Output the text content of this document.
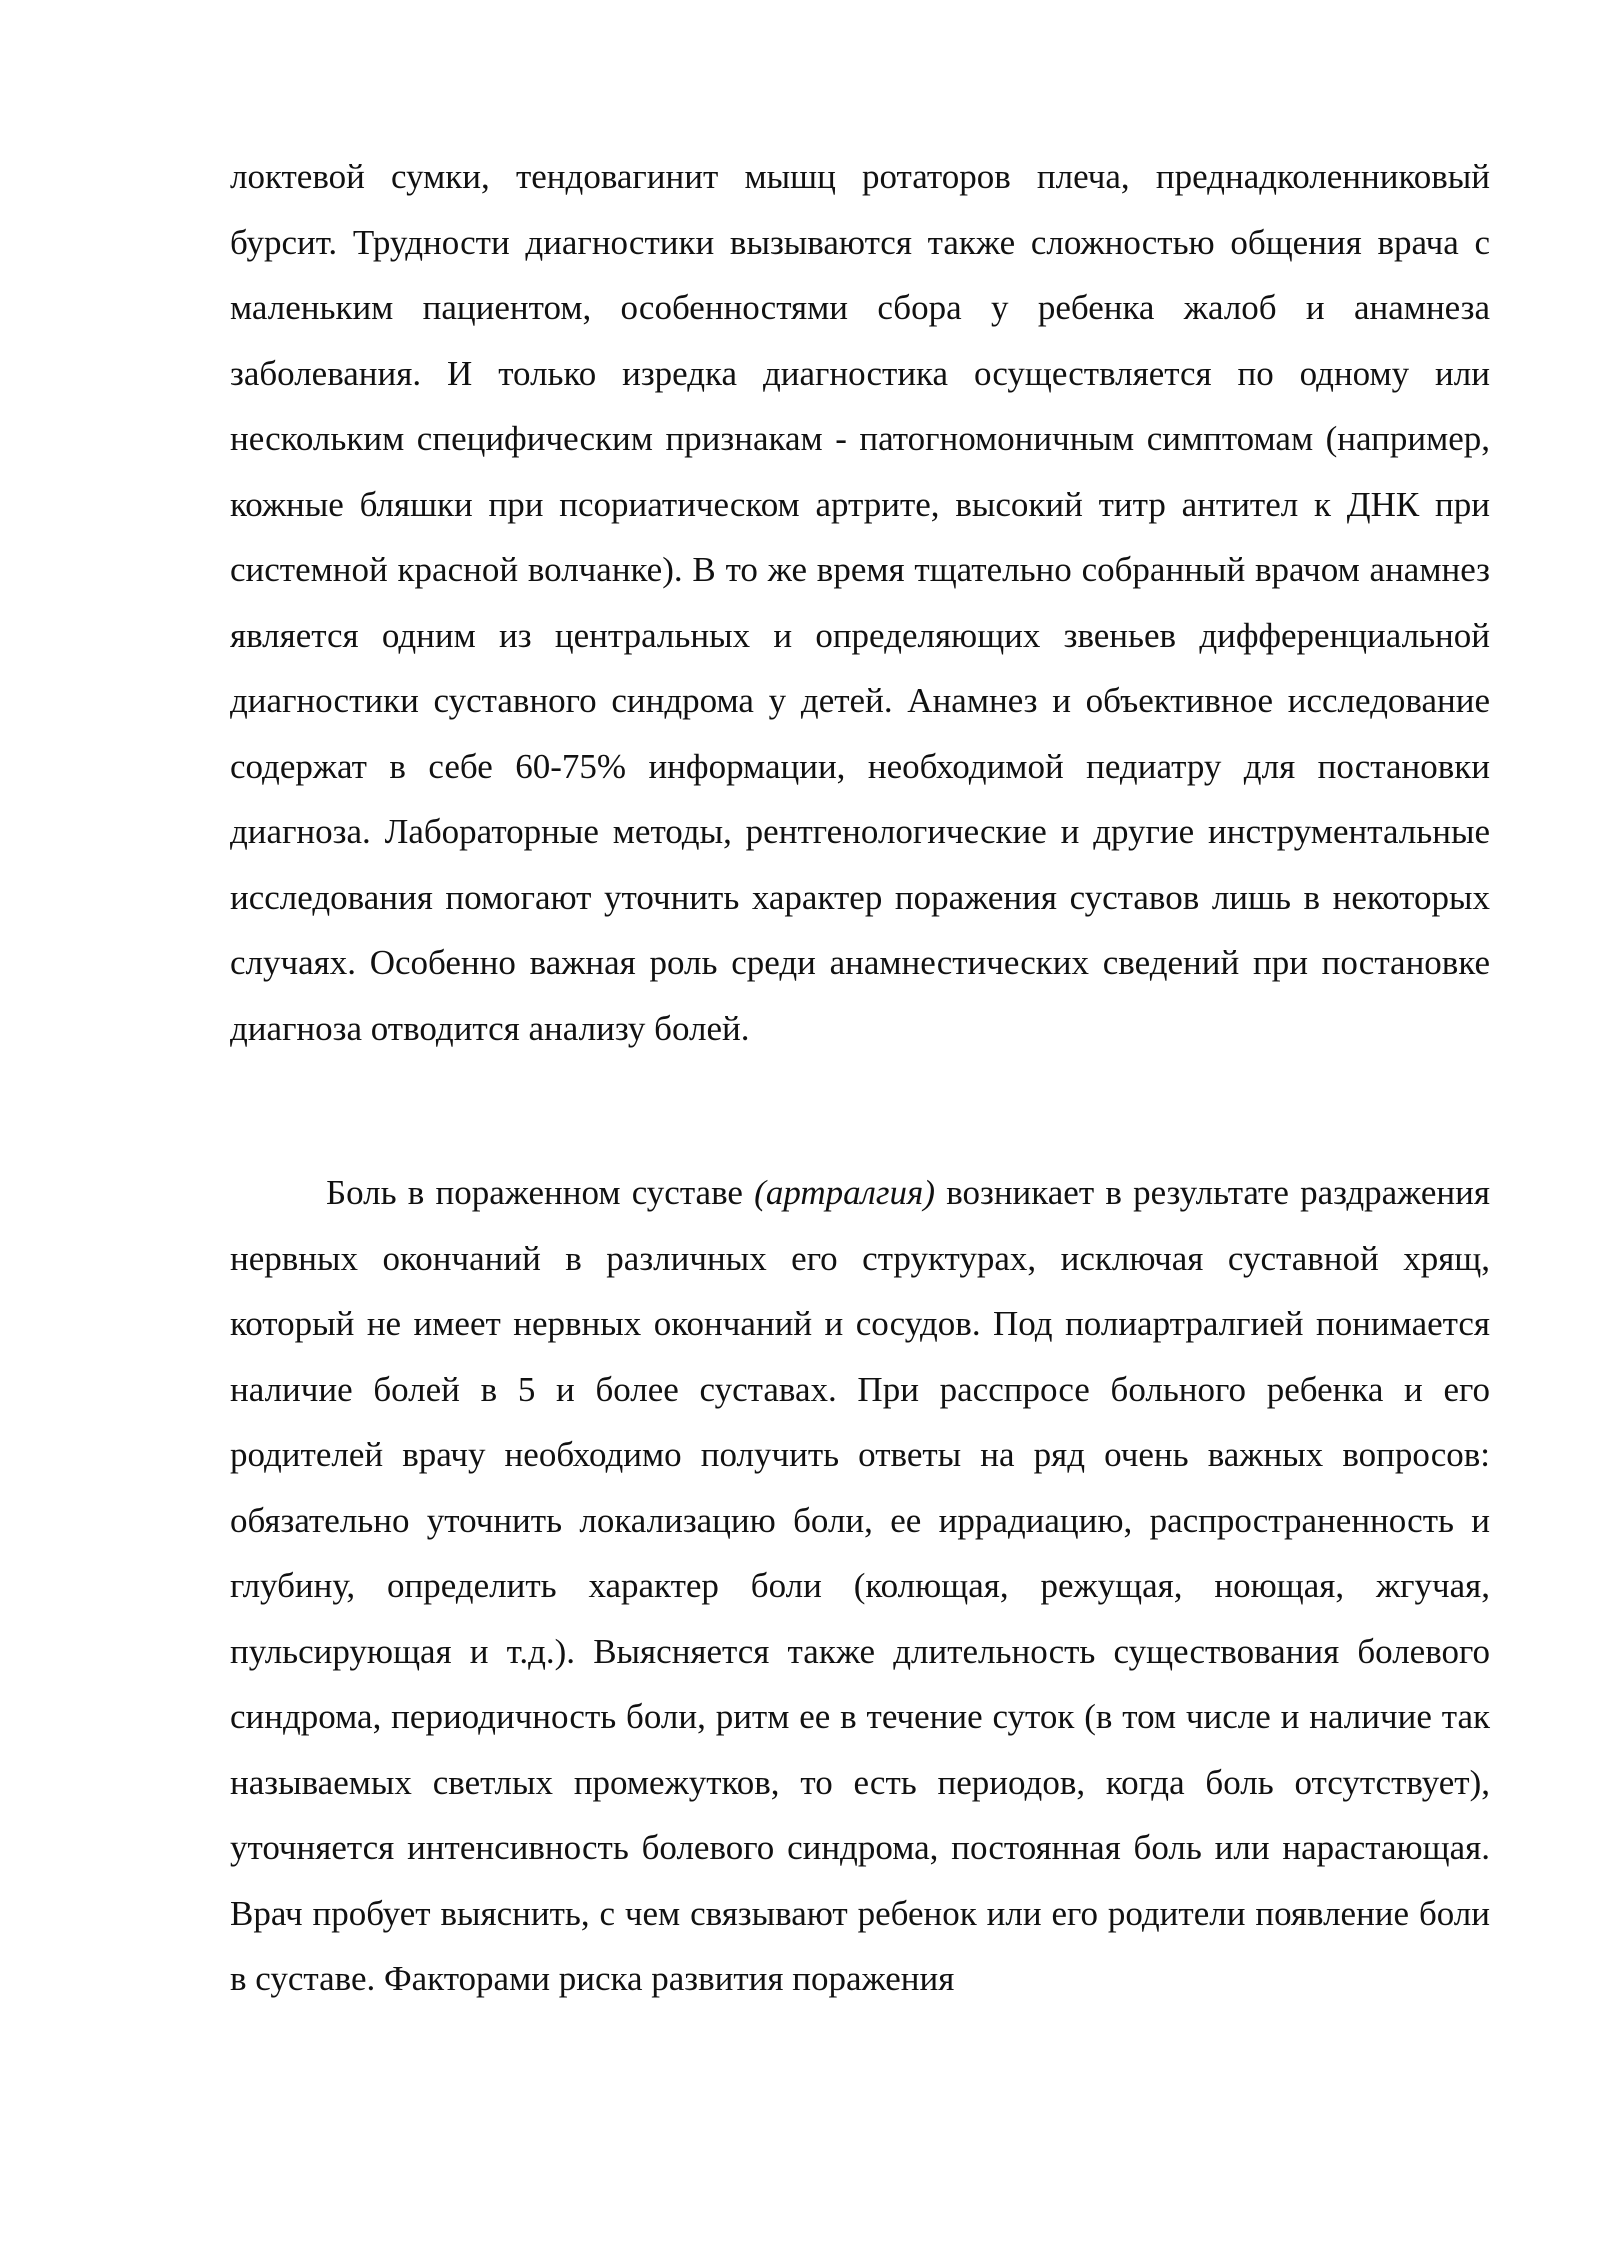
локтевой сумки, тендовагинит мышц ротаторов плеча, преднадколенниковый бурсит. Трудности диагностики вызываются также сложностью общения врача с маленьким пациентом, особенностями сбора у ребенка жалоб и анамнеза заболевания. И только изредка диагностика осуществляется по одному или нескольким специфическим признакам - патогномоничным симптомам (например, кожные бляшки при псориатическом артрите, высокий титр антител к ДНК при системной красной волчанке). В то же время тщательно собранный врачом анамнез является одним из центральных и определяющих звеньев дифференциальной диагностики суставного синдрома у детей. Анамнез и объективное исследование содержат в себе 60-75% информации, необходимой педиатру для постановки диагноза. Лабораторные методы, рентгенологические и другие инструментальные исследования помогают уточнить характер поражения суставов лишь в некоторых случаях. Особенно важная роль среди анамнестических сведений при постановке диагноза отводится анализу болей.

Боль в пораженном суставе (артралгия) возникает в результате раздражения нервных окончаний в различных его структурах, исключая суставной хрящ, который не имеет нервных окончаний и сосудов. Под полиартралгией понимается наличие болей в 5 и более суставах. При расспросе больного ребенка и его родителей врачу необходимо получить ответы на ряд очень важных вопросов: обязательно уточнить локализацию боли, ее иррадиацию, распространенность и глубину, определить характер боли (колющая, режущая, ноющая, жгучая, пульсирующая и т.д.). Выясняется также длительность существования болевого синдрома, периодичность боли, ритм ее в течение суток (в том числе и наличие так называемых светлых промежутков, то есть периодов, когда боль отсутствует), уточняется интенсивность болевого синдрома, постоянная боль или нарастающая. Врач пробует выяснить, с чем связывают ребенок или его родители появление боли в суставе. Факторами риска развития поражения
